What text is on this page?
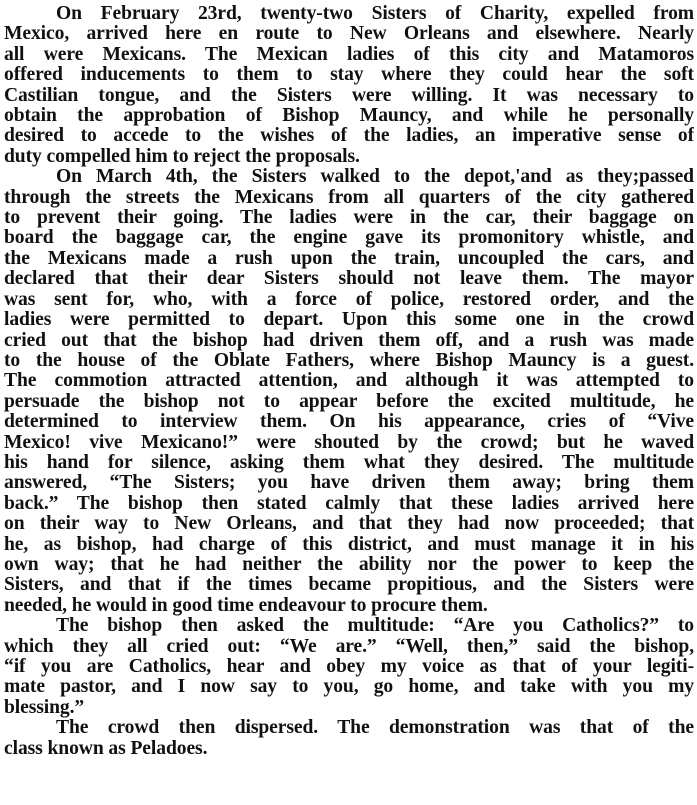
On February 23rd, twenty-two Sisters of Charity, expelled from
Mexico, arrived here en route to New Orleans and elsewhere. Nearly
all were Mexicans. The Mexican ladies of this city and Matamoros
offered inducements to them to stay where they could hear the soft
Castilian tongue, and the Sisters were willing. It was necessary to
obtain the approbation of Bishop Mauncy, and while he personally
desired to accede to the wishes of the ladies, an imperative sense of
duty compelled him to reject the proposals.
On March 4th, the Sisters walked to the depot,'and as they;passed
through the streets the Mexicans from all quarters of the city gathered
to prevent their going. The ladies were in the car, their baggage on
board the baggage car, the engine gave its promonitory whistle, and
the Mexicans made a rush upon the train, uncoupled the cars, and
declared that their dear Sisters should not leave them. The mayor
was sent for, who, with a force of police, restored order, and the
ladies were permitted to depart. Upon this some one in the crowd
cried out that the bishop had driven them off, and a rush was made
to the house of the Oblate Fathers, where Bishop Mauncy is a guest.
The commotion attracted attention, and although it was attempted to
persuade the bishop not to appear before the excited multitude, he
determined to interview them. On his appearance, cries of “Vive
Mexico! vive Mexicano!” were shouted by the crowd; but he waved
his hand for silence, asking them what they desired. The multitude
answered, “The Sisters; you have driven them away; bring them
back.” The bishop then stated calmly that these ladies arrived here
on their way to New Orleans, and that they had now proceeded; that
he, as bishop, had charge of this district, and must manage it in his
own way; that he had neither the ability nor the power to keep the
Sisters, and that if the times became propitious, and the Sisters were
needed, he would in good time endeavour to procure them.
The bishop then asked the multitude: “Are you Catholics?” to
which they all cried out: “We are.” “Well, then,” said the bishop,
“if you are Catholics, hear and obey my voice as that of your legiti-
mate pastor, and I now say to you, go home, and take with you my
blessing.”
The crowd then dispersed. The demonstration was that of the
class known as Peladoes.
